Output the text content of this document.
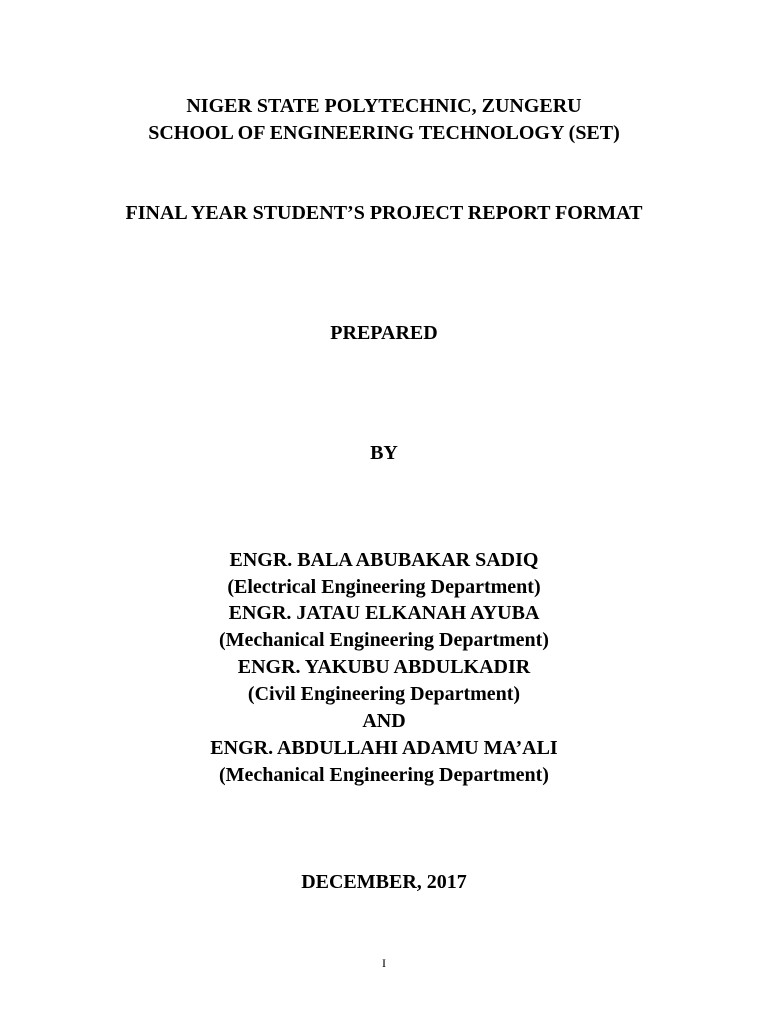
NIGER STATE POLYTECHNIC, ZUNGERU
SCHOOL OF ENGINEERING TECHNOLOGY (SET)
FINAL YEAR STUDENT’S PROJECT REPORT FORMAT
PREPARED
BY
ENGR. BALA ABUBAKAR SADIQ
(Electrical Engineering Department)
ENGR. JATAU ELKANAH AYUBA
(Mechanical Engineering Department)
ENGR. YAKUBU ABDULKADIR
(Civil Engineering Department)
AND
ENGR. ABDULLAHI ADAMU MA’ALI
(Mechanical Engineering Department)
DECEMBER, 2017
I
